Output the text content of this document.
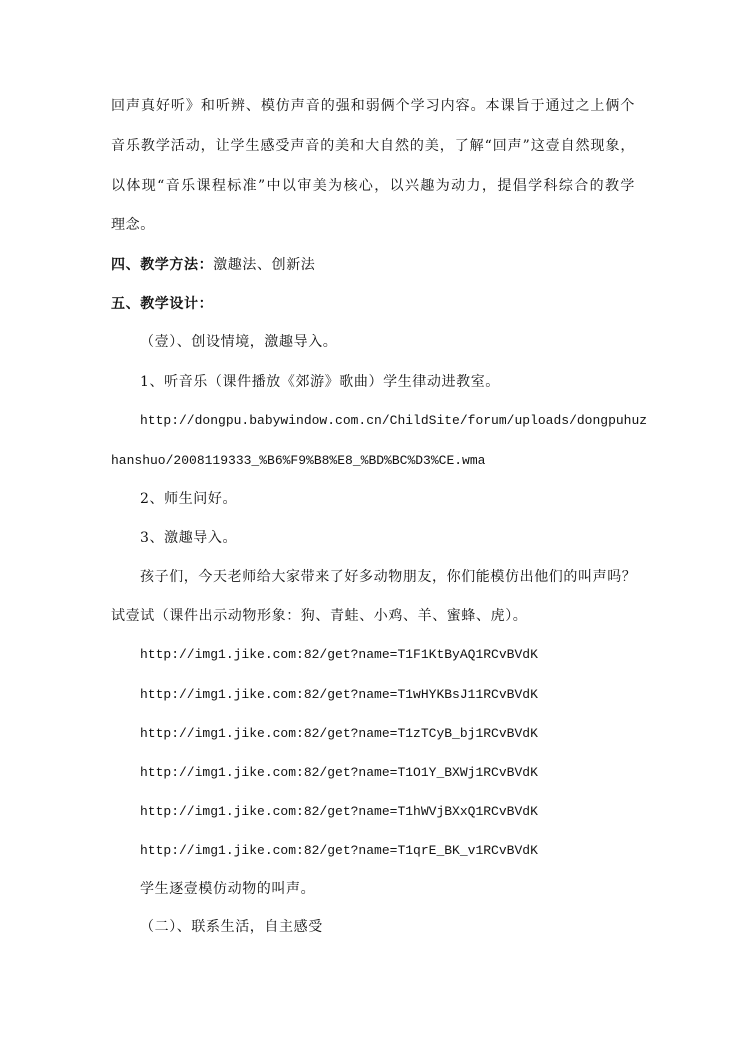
回声真好听》和听辨、模仿声音的强和弱俩个学习内容。本课旨于通过之上俩个
音乐教学活动，让学生感受声音的美和大自然的美，了解“回声”这壹自然现象，
以体现“音乐课程标准”中以审美为核心，以兴趣为动力，提倡学科综合的教学
理念。
四、教学方法：激趣法、创新法
五、教学设计：
（壹）、创设情境，激趣导入。
1、听音乐（课件播放《郊游》歌曲）学生律动进教室。
http://dongpu.babywindow.com.cn/ChildSite/forum/uploads/dongpuhuz
hanshuo/2008119333_%B6%F9%B8%E8_%BD%BC%D3%CE.wma
2、师生问好。
3、激趣导入。
孩子们，今天老师给大家带来了好多动物朋友，你们能模仿出他们的叫声吗？
试壹试（课件出示动物形象：狗、青蛙、小鸡、羊、蜜蜂、虎）。
http://img1.jike.com:82/get?name=T1F1KtByAQ1RCvBVdK
http://img1.jike.com:82/get?name=T1wHYKBsJ11RCvBVdK
http://img1.jike.com:82/get?name=T1zTCyB_bj1RCvBVdK
http://img1.jike.com:82/get?name=T1O1Y_BXWj1RCvBVdK
http://img1.jike.com:82/get?name=T1hWVjBXxQ1RCvBVdK
http://img1.jike.com:82/get?name=T1qrE_BK_v1RCvBVdK
学生逐壹模仿动物的叫声。
（二）、联系生活，自主感受
